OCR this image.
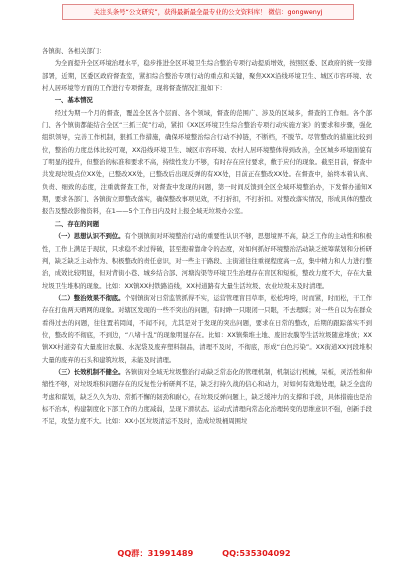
关注头条号“公文研究”，获得最新最全最专业的公文资料库！ 微信：gongwenyj

各镇街、各相关部门：

为全面提升全区环境治理水平，稳步推进全区环境卫生综合整治专项行动提质增效，按照区委、区政府的统一安排部署，近期，区委区政府督查室，紧扣综合整治专项行动的重点和关键，聚焦XXX沿线环境卫生、城区市容环境、农村人居环境等方面的工作进行专项督查，现将督查情况汇报如下：

一、基本情况

经过为期一个月的督查，覆盖全区各个层面、各个领域，督查的范围广、涉及的区域多，督查的工作细。各个部门、各个镇街都能结合全区“三抓三促”行动，紧扣《XX区环境卫生综合整治专项行动实施方案》的要求和步骤，强化组织领导，完善工作机制，狠抓工作措施，确保环境整治综合行动不掉链，不断档，不脱节。尽管整改的措施比较到位，整治的力度总体比较可观，XX沿线环境卫生、城区市容环境、农村人居环境整体得到改善，全区城乡环境面貌有了明显的提升，但整治的标准和要求不高，持续性发力不够，有时存在应付要求，敷于应付的现象。截至目前，督查中共发现垃圾点位XX处，已整改XX处，已整改后出现反弹的有XX处，目前正在整改XX处。在督查中，始终本着认真、负责、细致的态度，注重就督查工作，对督查中发现的问题，第一时间反馈到全区全域环境整治办，下发督办通知X期，要求各部门、各镇街立即整改落实，确保整改事项见效，不打折扣，不打折扣。对整改落实情况，形成具体的整改报告及整改影像资料，在1——5个工作日内及时上报全域无垃圾办公室。

二、存在的问题

（一）思想认识不到位。有个别镇街对环境整治行动的重要性认识不够，思想境界不高，缺乏工作的主动性和积极性，工作上满足于现状，只求稳不求过得破，甚至抱着靠命令的态度，对如何抓好环境整治活动缺乏统筹谋划和分析研判，缺乏缺乏主动作为、积极整改的责任意识，对一些主干路段、主街道往往重视程度高一点，集中精力和人力进行整治，成效比较明显，但对背街小巷、城乡结合部、河塘沟渠等环境卫生治理存在盲区和短板，整改力度不大，存在大量垃圾卫生堆积的现象。比如：XX镇XX村铁路沿线，XX村道路有大量生活垃圾、农业垃圾未及时清理。

（二）整治效果不彻底。个别镇街对日常监管抓得不实，运营管理盲目草率，松松垮垮，时而紧，时而松，干工作存在打鱼两天晒网的现象。对辖区发现的一些不突出的问题，有时睁一只眼闭一只眼，不去理睬；对一些自以为在群众看得过去的问题，往往置若罔闻，不闻不问，尤其是对于发现的突出问题，要求在日常的整改，后期的跟踪落实不到位，整改的不彻底，不到边，“八堵十乱”的现象明显存在。比如：XX镇柴堆土地、废旧农膜等生活垃圾随意堆放；XX镇XX村道旁有大量废旧农膜、水泥袋及废弃塑料制品，清理不及时，不彻底，形成“白色污染”。XX街道XX河段堆积大量的废弃的石头和建筑垃圾，未能及时清理。

（三）长效机制不健全。各镇街对全域无垃圾整治行动缺乏常态化的管理机制，机制运行机械，呆板，灵活性和伸缩性不够，对垃圾堆积问题存在的反复性分析研判不足，缺乏打持久战的信心和动力，对如何有效地处理，缺乏全盘的考虑和谋划，缺乏久久为功、常抓不懈的韧劲和耐心，在垃圾反弹问题上，缺乏缓冲力的支撑和手段，具体措施也是治标不治本，构建制度化下部工作的力度减弱，呈现下滑状态。运动式清理向常态化治理转变的思维意识不强，创新手段不足，攻坚力度不大。比如：XX小区垃圾清运不及时，造成垃圾桶周围垃

QQ群：31991489	QQ:535304092
